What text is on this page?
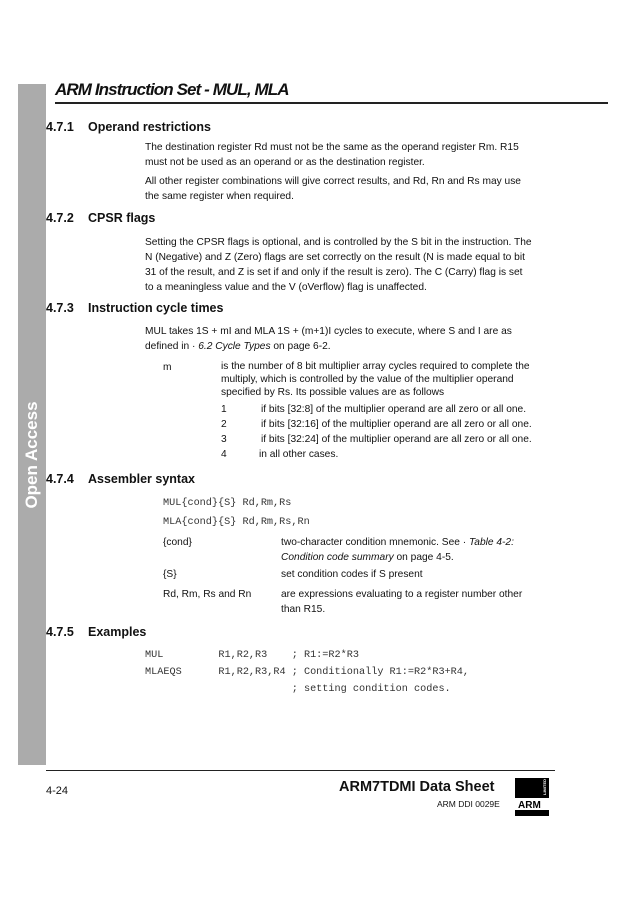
Open Access
ARM Instruction Set - MUL, MLA
4.7.1 Operand restrictions
The destination register Rd must not be the same as the operand register Rm. R15
must not be used as an operand or as the destination register.
All other register combinations will give correct results, and Rd, Rn and Rs may use
the same register when required.
4.7.2 CPSR flags
Setting the CPSR flags is optional, and is controlled by the S bit in the instruction. The
N (Negative) and Z (Zero) flags are set correctly on the result (N is made equal to bit
31 of the result, and Z is set if and only if the result is zero). The C (Carry) flag is set
to a meaningless value and the V (oVerflow) flag is unaffected.
4.7.3 Instruction cycle times
MUL takes 1S + mI and MLA 1S + (m+1)I cycles to execute, where S and I are as
defined in · 6.2 Cycle Types on page 6-2.
m	is the number of 8 bit multiplier array cycles required to complete the
multiply, which is controlled by the value of the multiplier operand
specified by Rs. Its possible values are as follows
1	if bits [32:8] of the multiplier operand are all zero or all one.
2	if bits [32:16] of the multiplier operand are all zero or all one.
3	if bits [32:24] of the multiplier operand are all zero or all one.
4	in all other cases.
4.7.4 Assembler syntax
MUL{cond}{S} Rd,Rm,Rs
MLA{cond}{S} Rd,Rm,Rs,Rn
{cond}	two-character condition mnemonic. See · Table 4-2:
Condition code summary on page 4-5.
{S}	set condition codes if S present
Rd, Rm, Rs and Rn	are expressions evaluating to a register number other
than R15.
4.7.5 Examples
MUL         R1,R2,R3    ; R1:=R2*R3
MLAEQS      R1,R2,R3,R4 ; Conditionally R1:=R2*R3+R4,
; setting condition codes.
4-24	ARM7TDMI Data Sheet
ARM DDI 0029E ARM
LIMITED
